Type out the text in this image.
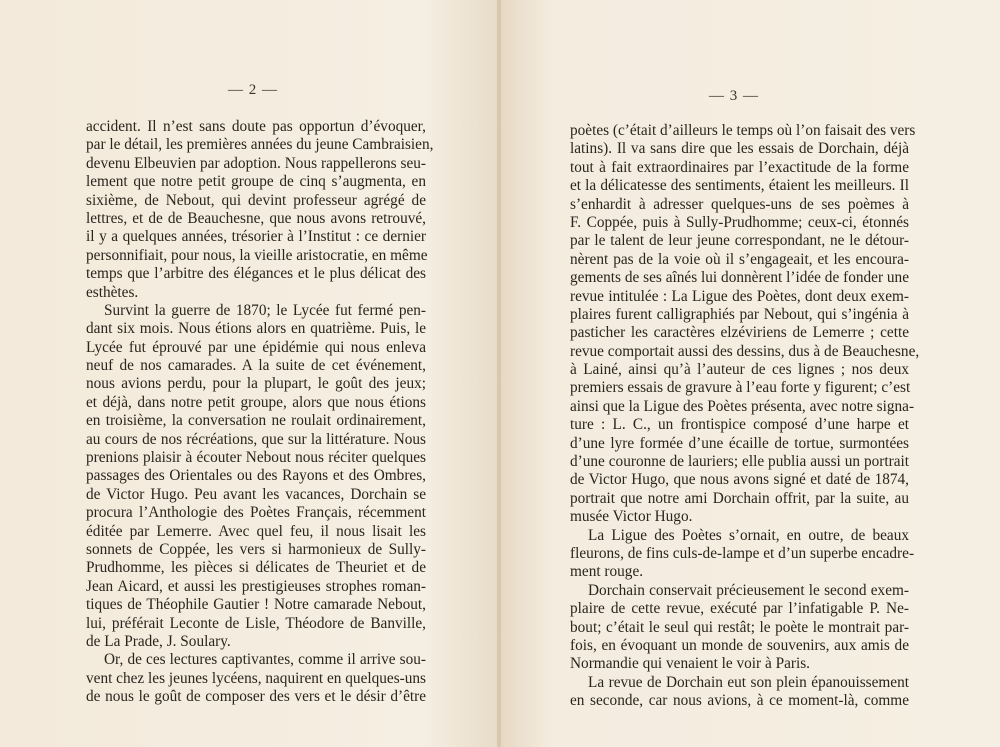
— 2 —
accident. Il n’est sans doute pas opportun d’évoquer,
par le détail, les premières années du jeune Cambraisien,
devenu Elbeuvien par adoption. Nous rappellerons seu-
lement que notre petit groupe de cinq s’augmenta, en
sixième, de Nebout, qui devint professeur agrégé de
lettres, et de de Beauchesne, que nous avons retrouvé,
il y a quelques années, trésorier à l’Institut : ce dernier
personnifiait, pour nous, la vieille aristocratie, en même
temps que l’arbitre des élégances et le plus délicat des
esthètes.
Survint la guerre de 1870; le Lycée fut fermé pen-
dant six mois. Nous étions alors en quatrième. Puis, le
Lycée fut éprouvé par une épidémie qui nous enleva
neuf de nos camarades. A la suite de cet événement,
nous avions perdu, pour la plupart, le goût des jeux;
et déjà, dans notre petit groupe, alors que nous étions
en troisième, la conversation ne roulait ordinairement,
au cours de nos récréations, que sur la littérature. Nous
prenions plaisir à écouter Nebout nous réciter quelques
passages des Orientales ou des Rayons et des Ombres,
de Victor Hugo. Peu avant les vacances, Dorchain se
procura l’Anthologie des Poètes Français, récemment
éditée par Lemerre. Avec quel feu, il nous lisait les
sonnets de Coppée, les vers si harmonieux de Sully-
Prudhomme, les pièces si délicates de Theuriet et de
Jean Aicard, et aussi les prestigieuses strophes roman-
tiques de Théophile Gautier ! Notre camarade Nebout,
lui, préférait Leconte de Lisle, Théodore de Banville,
de La Prade, J. Soulary.
Or, de ces lectures captivantes, comme il arrive sou-
vent chez les jeunes lycéens, naquirent en quelques-uns
de nous le goût de composer des vers et le désir d’être
— 3 —
poètes (c’était d’ailleurs le temps où l’on faisait des vers
latins). Il va sans dire que les essais de Dorchain, déjà
tout à fait extraordinaires par l’exactitude de la forme
et la délicatesse des sentiments, étaient les meilleurs. Il
s’enhardit à adresser quelques-uns de ses poèmes à
F. Coppée, puis à Sully-Prudhomme; ceux-ci, étonnés
par le talent de leur jeune correspondant, ne le détour-
nèrent pas de la voie où il s’engageait, et les encoura-
gements de ses aînés lui donnèrent l’idée de fonder une
revue intitulée : La Ligue des Poètes, dont deux exem-
plaires furent calligraphiés par Nebout, qui s’ingénia à
pasticher les caractères elzéviriens de Lemerre ; cette
revue comportait aussi des dessins, dus à de Beauchesne,
à Lainé, ainsi qu’à l’auteur de ces lignes ; nos deux
premiers essais de gravure à l’eau forte y figurent; c’est
ainsi que la Ligue des Poètes présenta, avec notre signa-
ture : L. C., un frontispice composé d’une harpe et
d’une lyre formée d’une écaille de tortue, surmontées
d’une couronne de lauriers; elle publia aussi un portrait
de Victor Hugo, que nous avons signé et daté de 1874,
portrait que notre ami Dorchain offrit, par la suite, au
musée Victor Hugo.
La Ligue des Poètes s’ornait, en outre, de beaux
fleurons, de fins culs-de-lampe et d’un superbe encadre-
ment rouge.
Dorchain conservait précieusement le second exem-
plaire de cette revue, exécuté par l’infatigable P. Ne-
bout; c’était le seul qui restât; le poète le montrait par-
fois, en évoquant un monde de souvenirs, aux amis de
Normandie qui venaient le voir à Paris.
La revue de Dorchain eut son plein épanouissement
en seconde, car nous avions, à ce moment-là, comme
